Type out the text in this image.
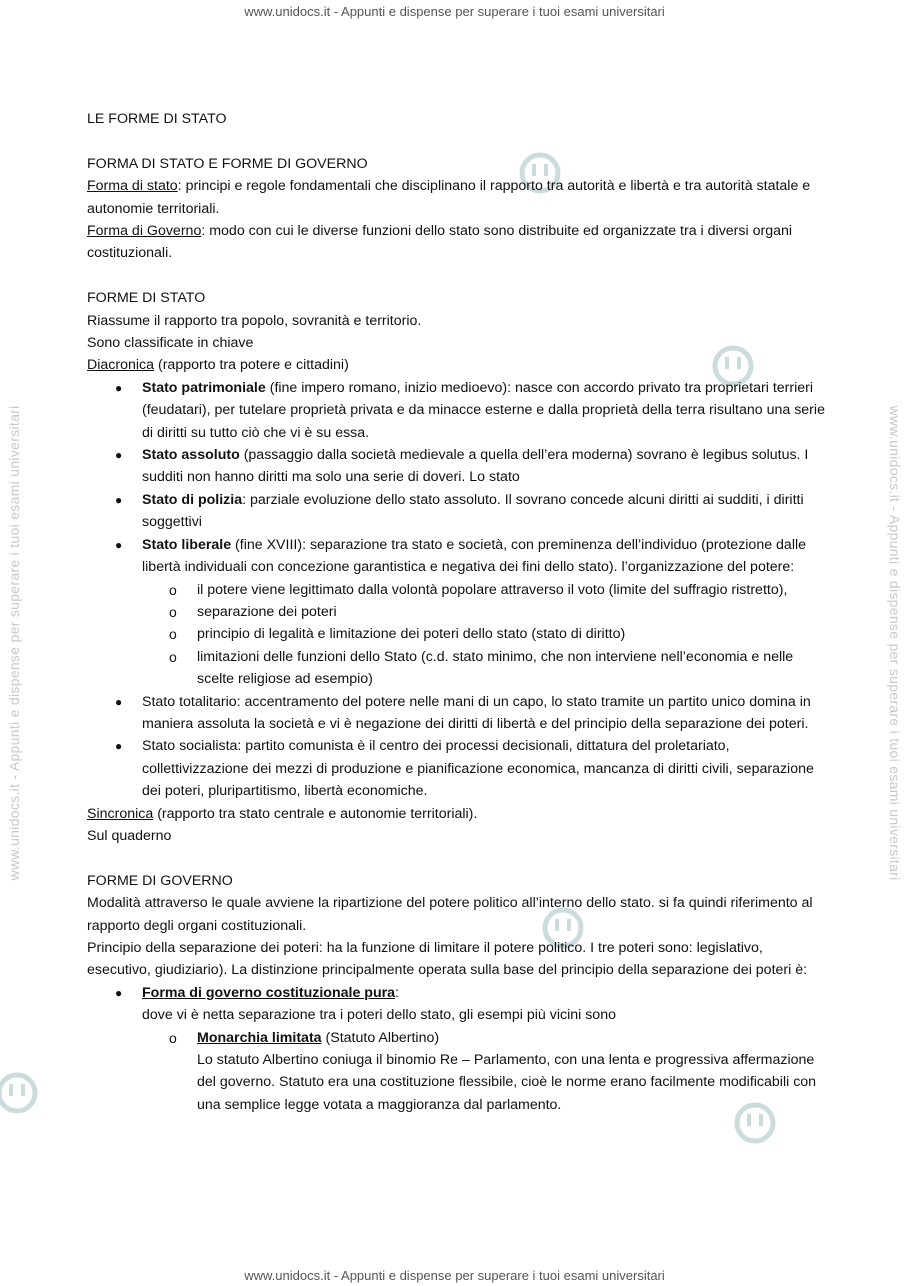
www.unidocs.it - Appunti e dispense per superare i tuoi esami universitari
www.unidocs.it - Appunti e dispense per superare i tuoi esami universitari
www.unidocs.it - Appunti e dispense per superare i tuoi esami universitari	www.unidocs.it - Appunti e dispense per superare i tuoi esami universitari

LE FORME DI STATO

FORMA DI STATO E FORME DI GOVERNO

Forma di stato: principi e regole fondamentali che disciplinano il rapporto tra autorità e libertà e tra autorità statale e autonomie territoriali.

Forma di Governo: modo con cui le diverse funzioni dello stato sono distribuite ed organizzate tra i diversi organi costituzionali.

FORME DI STATO

Riassume il rapporto tra popolo, sovranità e territorio.

Sono classificate in chiave

Diacronica (rapporto tra potere e cittadini)

● Stato patrimoniale (fine impero romano, inizio medioevo): nasce con accordo privato tra proprietari terrieri (feudatari), per tutelare proprietà privata e da minacce esterne e dalla proprietà della terra risultano una serie di diritti su tutto ciò che vi è su essa.
● Stato assoluto (passaggio dalla società medievale a quella dell’era moderna) sovrano è legibus solutus. I sudditi non hanno diritti ma solo una serie di doveri. Lo stato
● Stato di polizia: parziale evoluzione dello stato assoluto. Il sovrano concede alcuni diritti ai sudditi, i diritti soggettivi
● Stato liberale (fine XVIII): separazione tra stato e società, con preminenza dell’individuo (protezione dalle libertà individuali con concezione garantistica e negativa dei fini dello stato). l’organizzazione del potere:
o il potere viene legittimato dalla volontà popolare attraverso il voto (limite del suffragio ristretto),
o separazione dei poteri
o principio di legalità e limitazione dei poteri dello stato (stato di diritto)
o limitazioni delle funzioni dello Stato (c.d. stato minimo, che non interviene nell’economia e nelle scelte religiose ad esempio)
● Stato totalitario: accentramento del potere nelle mani di un capo, lo stato tramite un partito unico domina in maniera assoluta la società e vi è negazione dei diritti di libertà e del principio della separazione dei poteri.
● Stato socialista: partito comunista è il centro dei processi decisionali, dittatura del proletariato, collettivizzazione dei mezzi di produzione e pianificazione economica, mancanza di diritti civili, separazione dei poteri, pluripartitismo, libertà economiche.

Sincronica (rapporto tra stato centrale e autonomie territoriali).

Sul quaderno

FORME DI GOVERNO

Modalità attraverso le quale avviene la ripartizione del potere politico all’interno dello stato. si fa quindi riferimento al rapporto degli organi costituzionali.

Principio della separazione dei poteri: ha la funzione di limitare il potere politico. I tre poteri sono: legislativo, esecutivo, giudiziario). La distinzione principalmente operata sulla base del principio della separazione dei poteri è:

● Forma di governo costituzionale pura:

dove vi è netta separazione tra i poteri dello stato, gli esempi più vicini sono

o Monarchia limitata (Statuto Albertino)

Lo statuto Albertino coniuga il binomio Re – Parlamento, con una lenta e progressiva affermazione del governo. Statuto era una costituzione flessibile, cioè le norme erano facilmente modificabili con una semplice legge votata a maggioranza dal parlamento.
